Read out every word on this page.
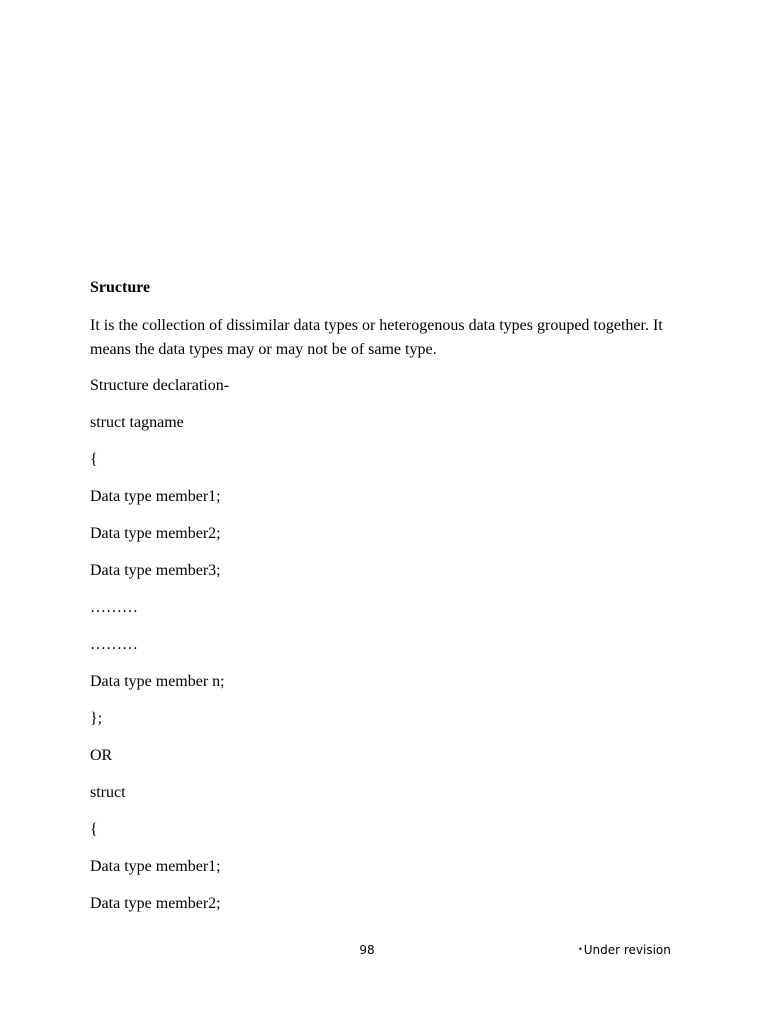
Sructure

It is the collection of dissimilar data types or heterogenous data types grouped together. It means the data types may or may not be of same type.

Structure declaration-
struct tagname
{
Data type member1;
Data type member2;
Data type member3;
………
………
Data type member n;
};
OR
struct
{
Data type member1;
Data type member2;
98	•Under revision
